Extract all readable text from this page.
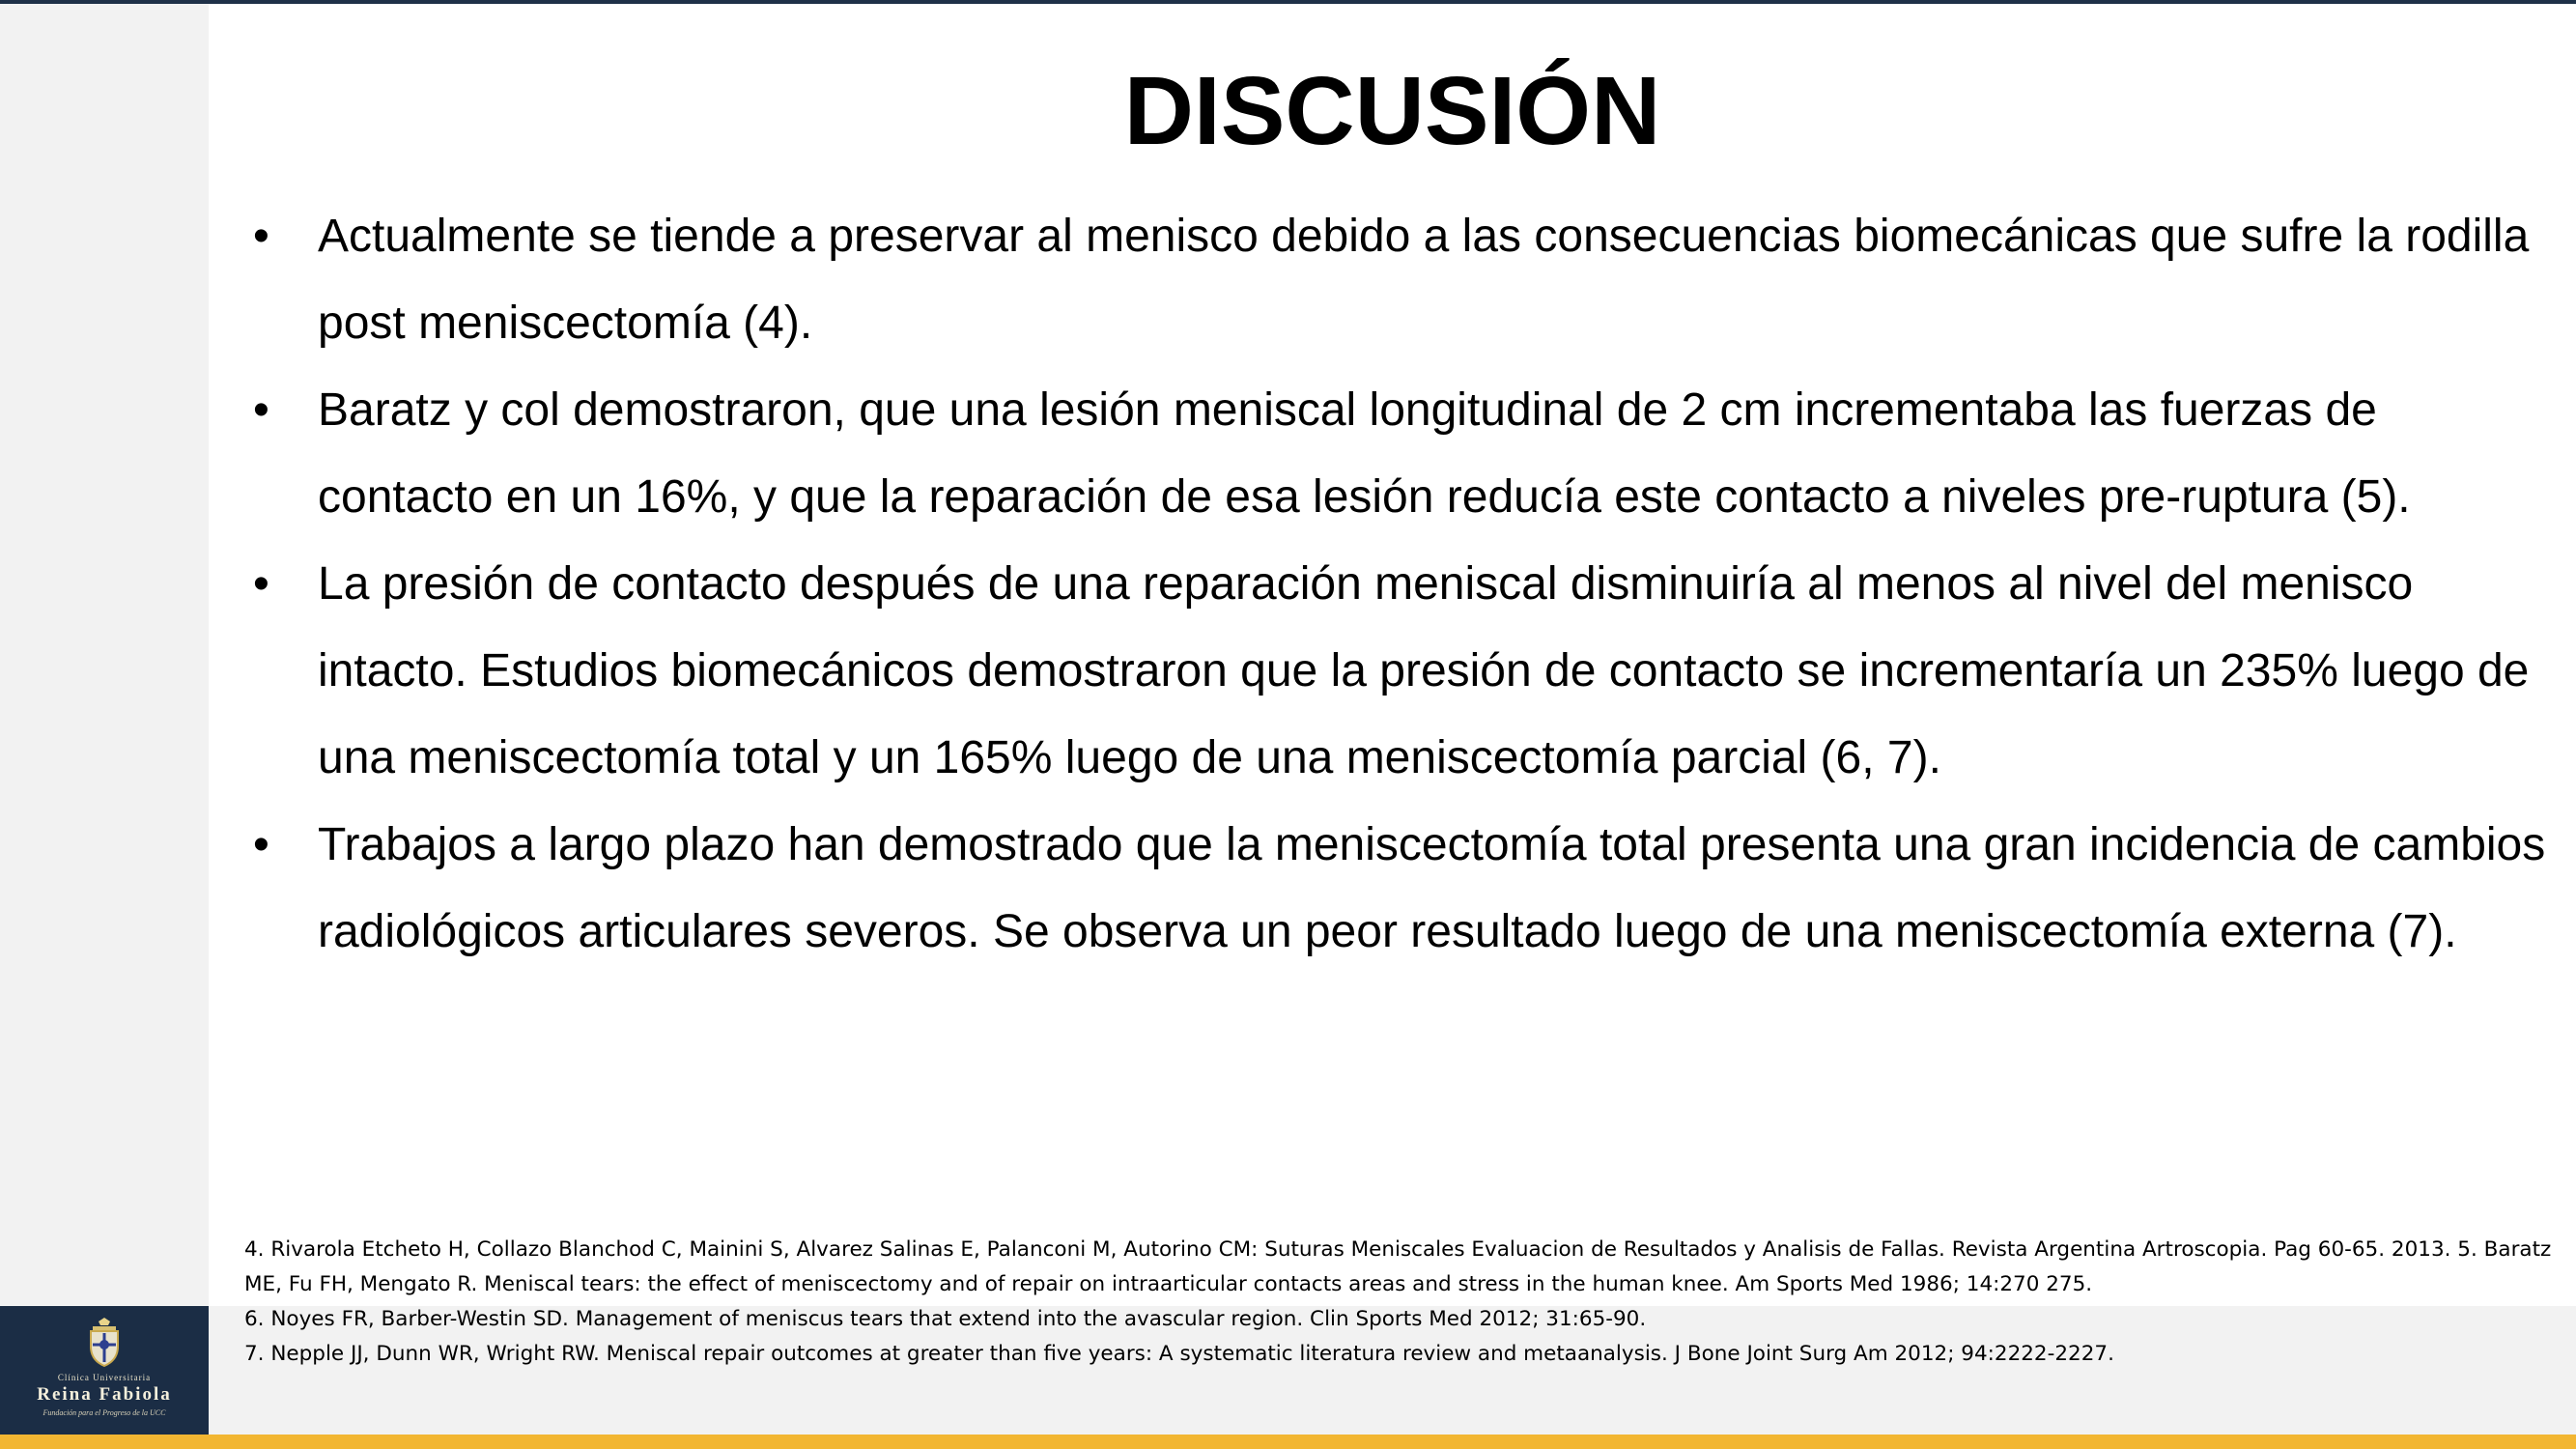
Clínica Universitaria
Reina Fabiola
Fundación para el Progreso de la UCC
DISCUSIÓN
• Actualmente se tiende a preservar al menisco debido a las consecuencias biomecánicas que sufre la rodilla post meniscectomía (4).
• Baratz y col demostraron, que una lesión meniscal longitudinal de 2 cm incrementaba las fuerzas de contacto en un 16%, y que la reparación de esa lesión reducía este contacto a niveles pre-ruptura (5).
• La presión de contacto después de una reparación meniscal disminuiría al menos al nivel del menisco intacto. Estudios biomecánicos demostraron que la presión de contacto se incrementaría un 235% luego de una meniscectomía total y un 165% luego de una meniscectomía parcial (6, 7).
• Trabajos a largo plazo han demostrado que la meniscectomía total presenta una gran incidencia de cambios radiológicos articulares severos. Se observa un peor resultado luego de una meniscectomía externa (7).

4. Rivarola Etcheto H, Collazo Blanchod C, Mainini S, Alvarez Salinas E, Palanconi M, Autorino CM: Suturas Meniscales Evaluacion de Resultados y Analisis de Fallas. Revista Argentina Artroscopia. Pag 60-65. 2013. 5. Baratz ME, Fu FH, Mengato R. Meniscal tears: the effect of meniscectomy and of repair on intraarticular contacts areas and stress in the human knee. Am Sports Med 1986; 14:270 275.

6. Noyes FR, Barber-Westin SD. Management of meniscus tears that extend into the avascular region. Clin Sports Med 2012; 31:65-90.

7. Nepple JJ, Dunn WR, Wright RW. Meniscal repair outcomes at greater than five years: A systematic literatura review and metaanalysis. J Bone Joint Surg Am 2012; 94:2222-2227.
